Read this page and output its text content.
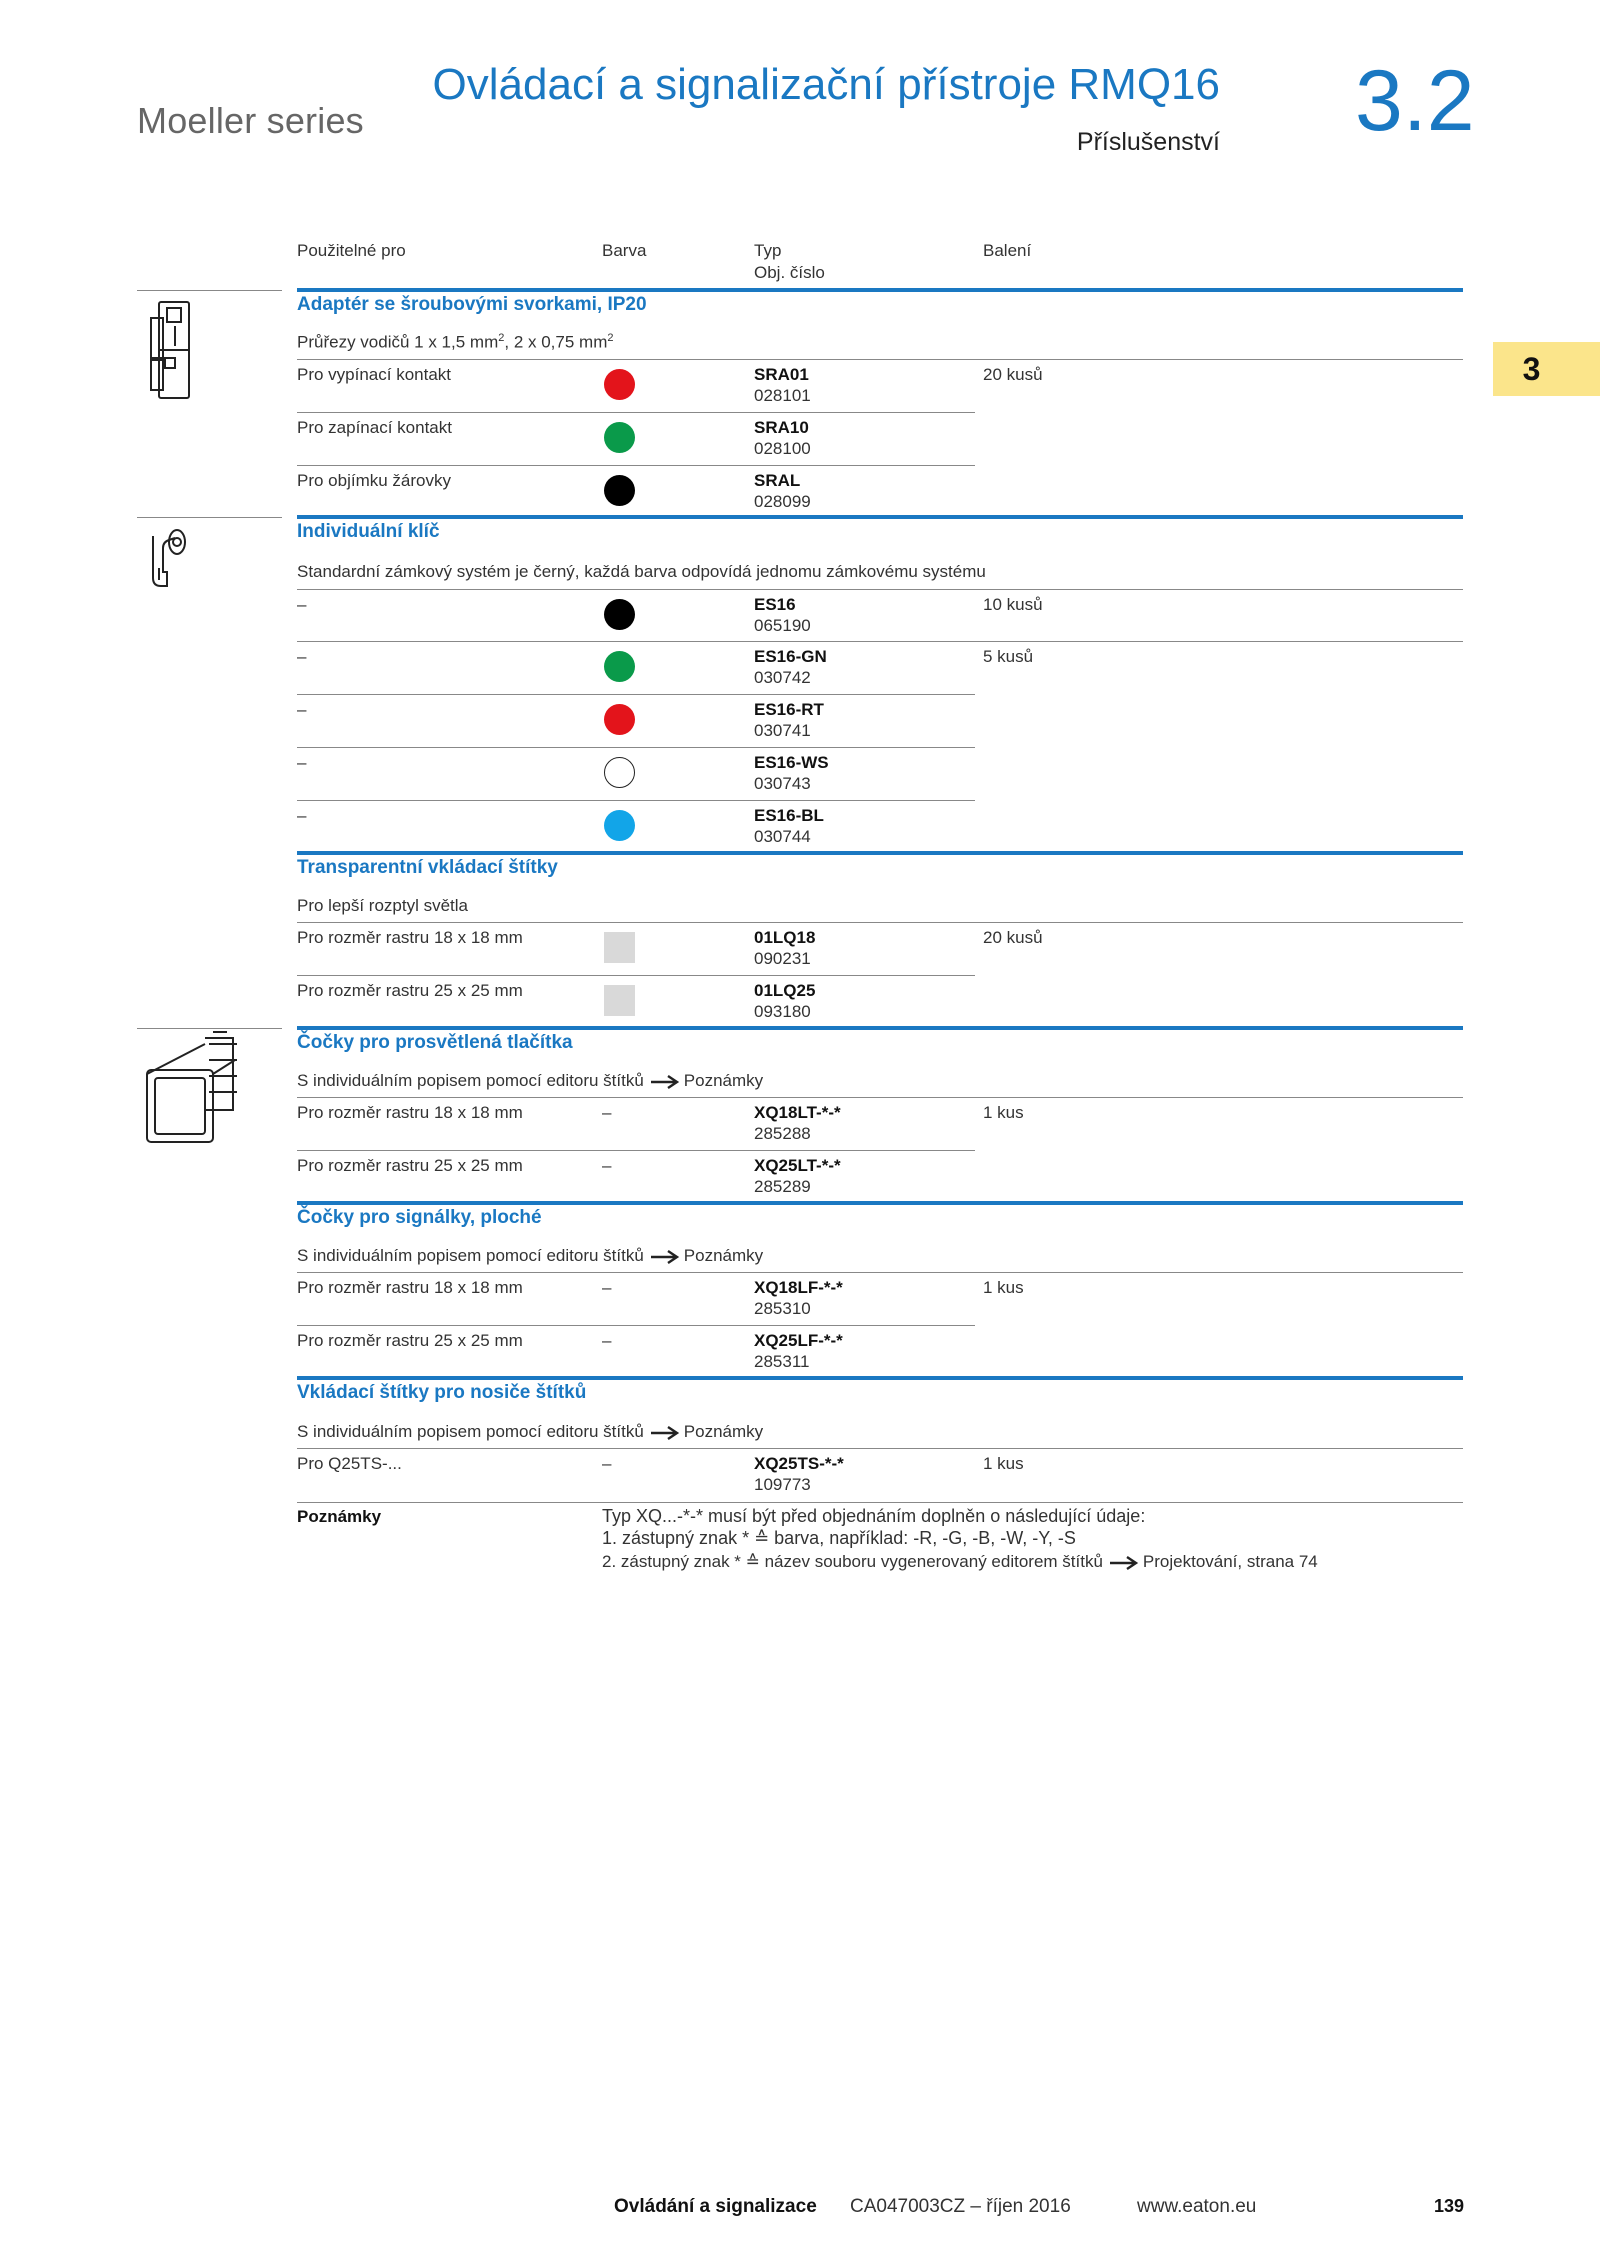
Moeller series
Ovládací a signalizační přístroje RMQ16
Příslušenství 3.2
3
Použitelné pro	Barva	Typ
Obj. číslo
Balení
Adaptér se šroubovými svorkami, IP20
Průřezy vodičů 1 x 1,5 $mm^2$, 2 x 0,75 $mm^2$
Pro vypínací kontakt	SRA01
028101
20 kusů
Pro zapínací kontakt	SRA10
028100
Pro objímku žárovky	SRAL
028099
Individuální klíč
Standardní zámkový systém je černý, každá barva odpovídá jednomu zámkovému systému
–	ES16
065190
10 kusů
–	ES16-GN
030742
5 kusů
–	ES16-RT
030741
–	ES16-WS
030743
–	ES16-BL
030744
Transparentní vkládací štítky
Pro lepší rozptyl světla
Pro rozměr rastru 18 x 18 mm	01LQ18
090231
20 kusů
Pro rozměr rastru 25 x 25 mm	01LQ25
093180
Čočky pro prosvětlená tlačítka
S individuálním popisem pomocí editoru štítků Poznámky
Pro rozměr rastru 18 x 18 mm	–	XQ18LT-*-*
285288
1 kus
Pro rozměr rastru 25 x 25 mm	–	XQ25LT-*-*
285289
Čočky pro signálky, ploché
S individuálním popisem pomocí editoru štítků Poznámky
Pro rozměr rastru 18 x 18 mm	–	XQ18LF-*-*
285310
1 kus
Pro rozměr rastru 25 x 25 mm	–	XQ25LF-*-*
285311
Vkládací štítky pro nosiče štítků
S individuálním popisem pomocí editoru štítků Poznámky
Pro Q25TS-...	–	XQ25TS-*-*
109773
1 kus
Poznámky	Typ XQ...-*-* musí být před objednáním doplněn o následující údaje:
1. zástupný znak * ≙ barva, například: -R, -G, -B, -W, -Y, -S
2. zástupný znak * ≙ název souboru vygenerovaný editorem štítků Projektování, strana 74
Ovládání a signalizace CA047003CZ – říjen 2016	www.eaton.eu	139
